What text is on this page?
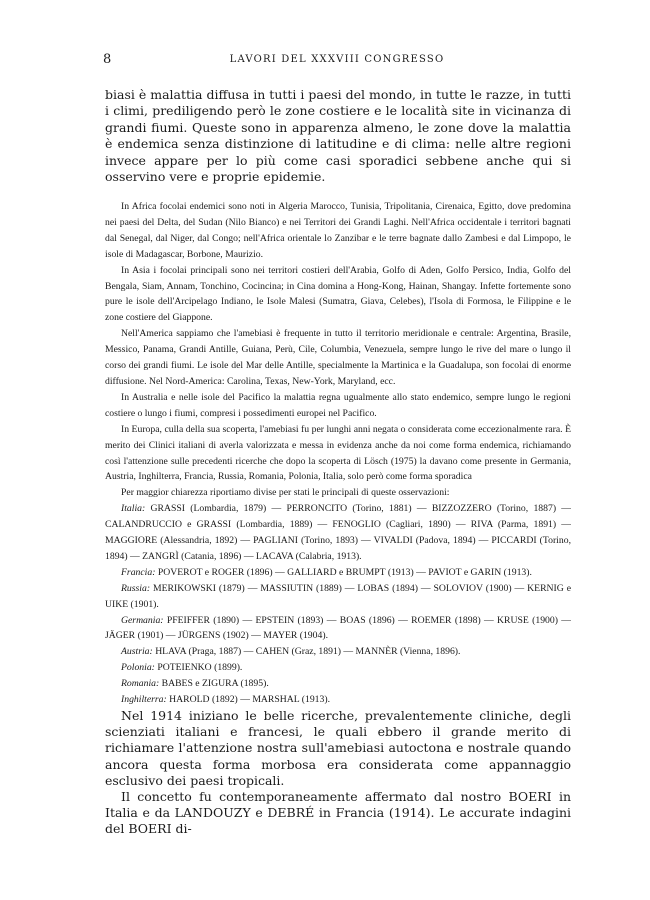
8	LAVORI DEL XXXVIII CONGRESSO

biasi è malattia diffusa in tutti i paesi del mondo, in tutte le razze, in tutti i climi, prediligendo però le zone costiere e le località site in vicinanza di grandi fiumi. Queste sono in apparenza almeno, le zone dove la malattia è endemica senza distinzione di latitudine e di clima: nelle altre regioni invece appare per lo più come casi sporadici sebbene anche qui si osservino vere e proprie epidemie.

In Africa focolai endemici sono noti in Algeria Marocco, Tunisia, Tripolitania, Cirenaica, Egitto, dove predomina nei paesi del Delta, del Sudan (Nilo Bianco) e nei Territori dei Grandi Laghi. Nell'Africa occidentale i territori bagnati dal Senegal, dal Niger, dal Congo; nell'Africa orientale lo Zanzibar e le terre bagnate dallo Zambesi e dal Limpopo, le isole di Madagascar, Borbone, Maurizio.

In Asia i focolai principali sono nei territori costieri dell'Arabia, Golfo di Aden, Golfo Persico, India, Golfo del Bengala, Siam, Annam, Tonchino, Cocincina; in Cina domina a Hong-Kong, Hainan, Shangay. Infette fortemente sono pure le isole dell'Arcipelago Indiano, le Isole Malesi (Sumatra, Giava, Celebes), l'Isola di Formosa, le Filippine e le zone costiere del Giappone.

Nell'America sappiamo che l'amebiasi è frequente in tutto il territorio meridionale e centrale: Argentina, Brasile, Messico, Panama, Grandi Antille, Guiana, Perù, Cile, Columbia, Venezuela, sempre lungo le rive del mare o lungo il corso dei grandi fiumi. Le isole del Mar delle Antille, specialmente la Martinica e la Guadalupa, son focolai di enorme diffusione. Nel Nord-America: Carolina, Texas, New-York, Maryland, ecc.

In Australia e nelle isole del Pacifico la malattia regna ugualmente allo stato endemico, sempre lungo le regioni costiere o lungo i fiumi, compresi i possedimenti europei nel Pacifico.

In Europa, culla della sua scoperta, l'amebiasi fu per lunghi anni negata o considerata come eccezionalmente rara. È merito dei Clinici italiani di averla valorizzata e messa in evidenza anche da noi come forma endemica, richiamando così l'attenzione sulle precedenti ricerche che dopo la scoperta di Lösch (1975) la davano come presente in Germania, Austria, Inghilterra, Francia, Russia, Romania, Polonia, Italia, solo però come forma sporadica

Per maggior chiarezza riportiamo divise per stati le principali di queste osservazioni:

Italia: GRASSI (Lombardia, 1879) — PERRONCITO (Torino, 1881) — BIZZOZZERO (Torino, 1887) — CALANDRUCCIO e GRASSI (Lombardia, 1889) — FENOGLIO (Cagliari, 1890) — RIVA (Parma, 1891) — MAGGIORE (Alessandria, 1892) — PAGLIANI (Torino, 1893) — VIVALDI (Padova, 1894) — PICCARDI (Torino, 1894) — ZANGRÌ (Catania, 1896) — LACAVA (Calabria, 1913).

Francia: POVEROT e ROGER (1896) — GALLIARD e BRUMPT (1913) — PAVIOT e GARIN (1913).

Russia: MERIKOWSKI (1879) — MASSIUTIN (1889) — LOBAS (1894) — SOLOVIOV (1900) — KERNIG e UIKE (1901).

Germania: PFEIFFER (1890) — EPSTEIN (1893) — BOAS (1896) — ROEMER (1898) — KRUSE (1900) — JÄGER (1901) — JÜRGENS (1902) — MAYER (1904).

Austria: HLAVA (Praga, 1887) — CAHEN (Graz, 1891) — MANNÈR (Vienna, 1896).

Polonia: POTEIENKO (1899).

Romania: BABES e ZIGURA (1895).

Inghilterra: HAROLD (1892) — MARSHAL (1913).

Nel 1914 iniziano le belle ricerche, prevalentemente cliniche, degli scienziati italiani e francesi, le quali ebbero il grande merito di richiamare l'attenzione nostra sull'amebiasi autoctona e nostrale quando ancora questa forma morbosa era considerata come appannaggio esclusivo dei paesi tropicali.

Il concetto fu contemporaneamente affermato dal nostro BOERI in Italia e da LANDOUZY e DEBRÉ in Francia (1914). Le accurate indagini del BOERI di-
